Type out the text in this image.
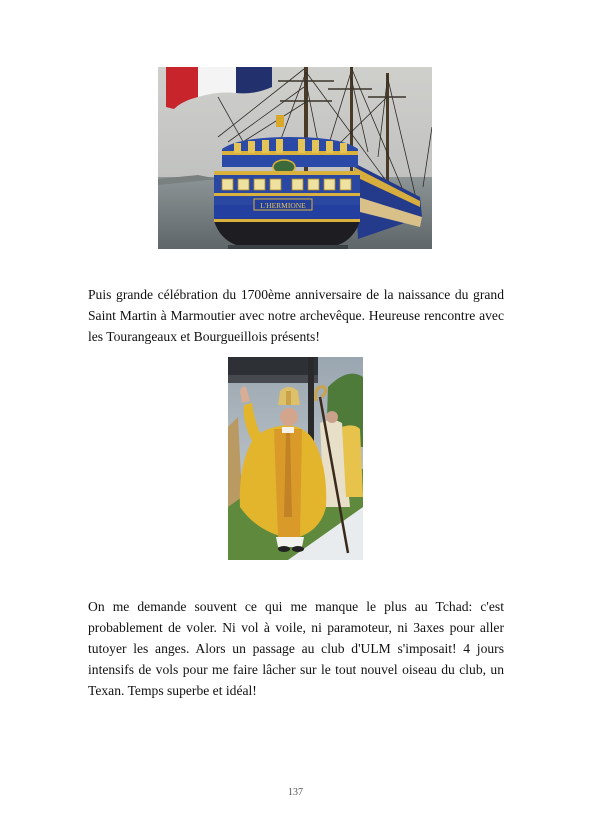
L'HERMIONE

Puis grande célébration du 1700ème anniversaire de la naissance du grand Saint Martin à Marmoutier avec notre archevêque. Heureuse rencontre avec les Tourangeaux et Bourgueillois présents!

On me demande souvent ce qui me manque le plus au Tchad: c'est probablement de voler. Ni vol à voile, ni paramoteur, ni 3axes pour aller tutoyer les anges. Alors un passage au club d'ULM s'imposait! 4 jours intensifs de vols pour me faire lâcher sur le tout nouvel oiseau du club, un Texan. Temps superbe et idéal!

137
